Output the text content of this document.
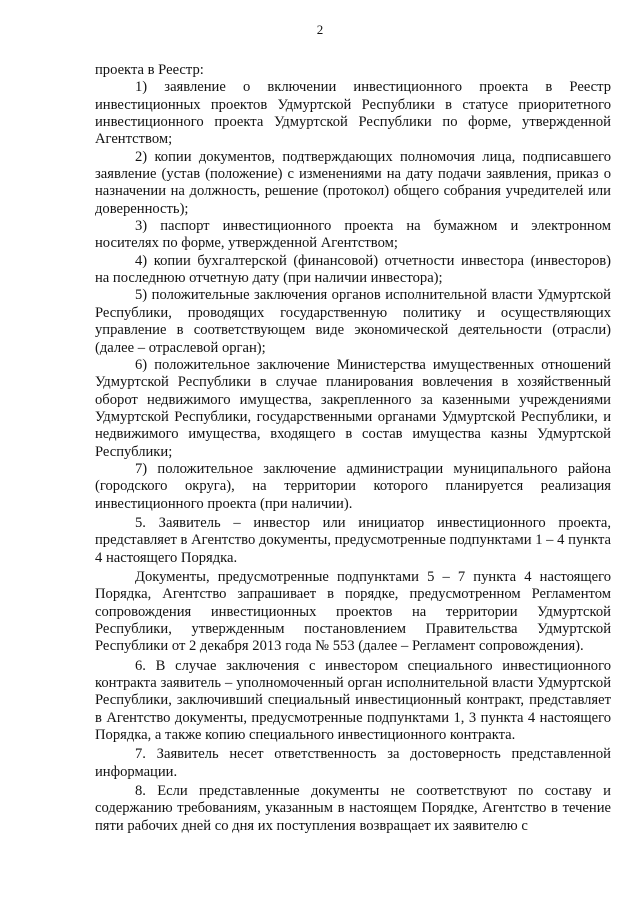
2

проекта в Реестр:

1) заявление о включении инвестиционного проекта в Реестр инвестиционных проектов Удмуртской Республики в статусе приоритетного инвестиционного проекта Удмуртской Республики по форме, утвержденной Агентством;

2) копии документов, подтверждающих полномочия лица, подписавшего заявление (устав (положение) с изменениями на дату подачи заявления, приказ о назначении на должность, решение (протокол) общего собрания учредителей или доверенность);

3) паспорт инвестиционного проекта на бумажном и электронном носителях по форме, утвержденной Агентством;

4) копии бухгалтерской (финансовой) отчетности инвестора (инвесторов) на последнюю отчетную дату (при наличии инвестора);

5) положительные заключения органов исполнительной власти Удмуртской Республики, проводящих государственную политику и осуществляющих управление в соответствующем виде экономической деятельности (отрасли) (далее – отраслевой орган);

6) положительное заключение Министерства имущественных отношений Удмуртской Республики в случае планирования вовлечения в хозяйственный оборот недвижимого имущества, закрепленного за казенными учреждениями Удмуртской Республики, государственными органами Удмуртской Республики, и недвижимого имущества, входящего в состав имущества казны Удмуртской Республики;

7) положительное заключение администрации муниципального района (городского округа), на территории которого планируется реализация инвестиционного проекта (при наличии).

5. Заявитель – инвестор или инициатор инвестиционного проекта, представляет в Агентство документы, предусмотренные подпунктами 1 – 4 пункта 4 настоящего Порядка.

Документы, предусмотренные подпунктами 5 – 7 пункта 4 настоящего Порядка, Агентство запрашивает в порядке, предусмотренном Регламентом сопровождения инвестиционных проектов на территории Удмуртской Республики, утвержденным постановлением Правительства Удмуртской Республики от 2 декабря 2013 года № 553 (далее – Регламент сопровождения).

6. В случае заключения с инвестором специального инвестиционного контракта заявитель – уполномоченный орган исполнительной власти Удмуртской Республики, заключивший специальный инвестиционный контракт, представляет в Агентство документы, предусмотренные подпунктами 1, 3 пункта 4 настоящего Порядка, а также копию специального инвестиционного контракта.

7. Заявитель несет ответственность за достоверность представленной информации.

8. Если представленные документы не соответствуют по составу и содержанию требованиям, указанным в настоящем Порядке, Агентство в течение пяти рабочих дней со дня их поступления возвращает их заявителю с
